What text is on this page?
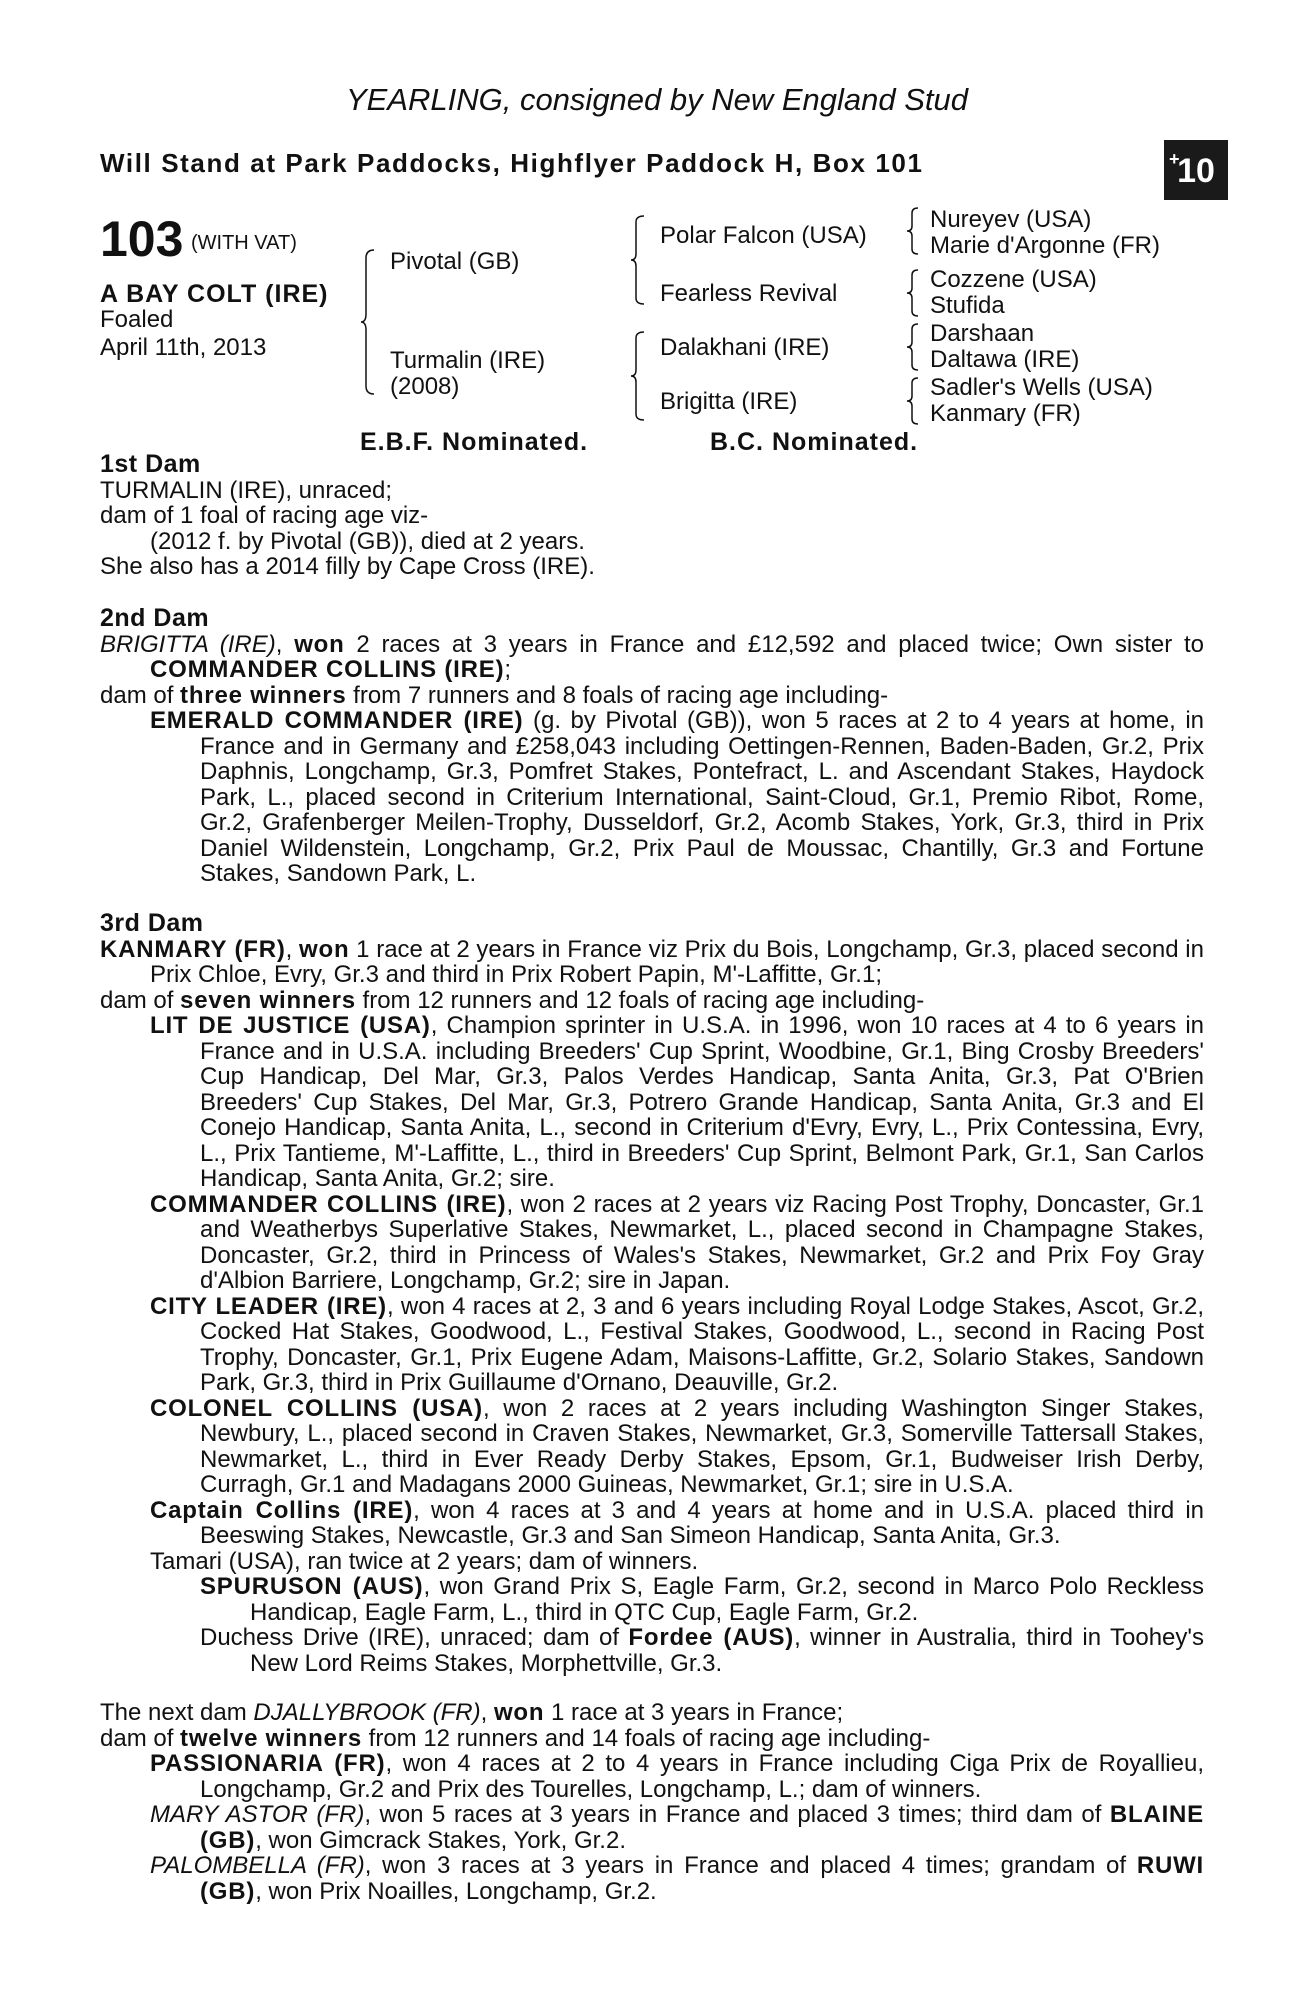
YEARLING, consigned by New England Stud
Will Stand at Park Paddocks, Highflyer Paddock H, Box 101	+
10
103 (WITH VAT)
A BAY COLT (IRE)
Foaled
April 11th, 2013
Pivotal (GB)
Turmalin (IRE)
(2008)
Polar Falcon (USA)
Fearless Revival
Dalakhani (IRE)
Brigitta (IRE)
Nureyev (USA)
Marie d'Argonne (FR)
Cozzene (USA)
Stufida
Darshaan
Daltawa (IRE)
Sadler's Wells (USA)
Kanmary (FR)
E.B.F. Nominated.	B.C. Nominated.

1st Dam

TURMALIN (IRE), unraced;

dam of 1 foal of racing age viz-

(2012 f. by Pivotal (GB)), died at 2 years.

She also has a 2014 filly by Cape Cross (IRE).

2nd Dam

BRIGITTA (IRE), won 2 races at 3 years in France and £12,592 and placed twice; Own sister to COMMANDER COLLINS (IRE);

dam of three winners from 7 runners and 8 foals of racing age including-

EMERALD COMMANDER (IRE) (g. by Pivotal (GB)), won 5 races at 2 to 4 years at home, in France and in Germany and £258,043 including Oettingen-Rennen, Baden-Baden, Gr.2, Prix Daphnis, Longchamp, Gr.3, Pomfret Stakes, Pontefract, L. and Ascendant Stakes, Haydock Park, L., placed second in Criterium International, Saint-Cloud, Gr.1, Premio Ribot, Rome, Gr.2, Grafenberger Meilen-Trophy, Dusseldorf, Gr.2, Acomb Stakes, York, Gr.3, third in Prix Daniel Wildenstein, Longchamp, Gr.2, Prix Paul de Moussac, Chantilly, Gr.3 and Fortune Stakes, Sandown Park, L.

3rd Dam

KANMARY (FR), won 1 race at 2 years in France viz Prix du Bois, Longchamp, Gr.3, placed second in Prix Chloe, Evry, Gr.3 and third in Prix Robert Papin, M'-Laffitte, Gr.1;

dam of seven winners from 12 runners and 12 foals of racing age including-

LIT DE JUSTICE (USA), Champion sprinter in U.S.A. in 1996, won 10 races at 4 to 6 years in France and in U.S.A. including Breeders' Cup Sprint, Woodbine, Gr.1, Bing Crosby Breeders' Cup Handicap, Del Mar, Gr.3, Palos Verdes Handicap, Santa Anita, Gr.3, Pat O'Brien Breeders' Cup Stakes, Del Mar, Gr.3, Potrero Grande Handicap, Santa Anita, Gr.3 and El Conejo Handicap, Santa Anita, L., second in Criterium d'Evry, Evry, L., Prix Contessina, Evry, L., Prix Tantieme, M'-Laffitte, L., third in Breeders' Cup Sprint, Belmont Park, Gr.1, San Carlos Handicap, Santa Anita, Gr.2; sire.

COMMANDER COLLINS (IRE), won 2 races at 2 years viz Racing Post Trophy, Doncaster, Gr.1 and Weatherbys Superlative Stakes, Newmarket, L., placed second in Champagne Stakes, Doncaster, Gr.2, third in Princess of Wales's Stakes, Newmarket, Gr.2 and Prix Foy Gray d'Albion Barriere, Longchamp, Gr.2; sire in Japan.

CITY LEADER (IRE), won 4 races at 2, 3 and 6 years including Royal Lodge Stakes, Ascot, Gr.2, Cocked Hat Stakes, Goodwood, L., Festival Stakes, Goodwood, L., second in Racing Post Trophy, Doncaster, Gr.1, Prix Eugene Adam, Maisons-Laffitte, Gr.2, Solario Stakes, Sandown Park, Gr.3, third in Prix Guillaume d'Ornano, Deauville, Gr.2.

COLONEL COLLINS (USA), won 2 races at 2 years including Washington Singer Stakes, Newbury, L., placed second in Craven Stakes, Newmarket, Gr.3, Somerville Tattersall Stakes, Newmarket, L., third in Ever Ready Derby Stakes, Epsom, Gr.1, Budweiser Irish Derby, Curragh, Gr.1 and Madagans 2000 Guineas, Newmarket, Gr.1; sire in U.S.A.

Captain Collins (IRE), won 4 races at 3 and 4 years at home and in U.S.A. placed third in Beeswing Stakes, Newcastle, Gr.3 and San Simeon Handicap, Santa Anita, Gr.3.

Tamari (USA), ran twice at 2 years; dam of winners.

SPURUSON (AUS), won Grand Prix S, Eagle Farm, Gr.2, second in Marco Polo Reckless Handicap, Eagle Farm, L., third in QTC Cup, Eagle Farm, Gr.2.

Duchess Drive (IRE), unraced; dam of Fordee (AUS), winner in Australia, third in Toohey's New Lord Reims Stakes, Morphettville, Gr.3.

The next dam DJALLYBROOK (FR), won 1 race at 3 years in France;

dam of twelve winners from 12 runners and 14 foals of racing age including-

PASSIONARIA (FR), won 4 races at 2 to 4 years in France including Ciga Prix de Royallieu, Longchamp, Gr.2 and Prix des Tourelles, Longchamp, L.; dam of winners.

MARY ASTOR (FR), won 5 races at 3 years in France and placed 3 times; third dam of BLAINE (GB), won Gimcrack Stakes, York, Gr.2.

PALOMBELLA (FR), won 3 races at 3 years in France and placed 4 times; grandam of RUWI (GB), won Prix Noailles, Longchamp, Gr.2.
